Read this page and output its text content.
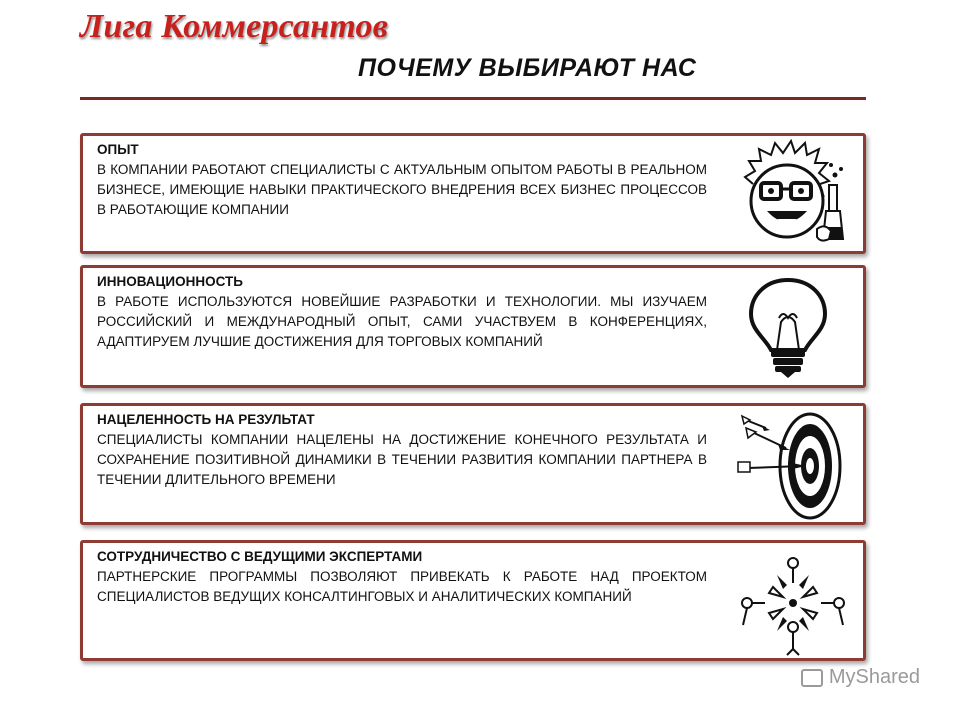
Лига Коммерсантов
ПОЧЕМУ ВЫБИРАЮТ НАС
ОПЫТ
В КОМПАНИИ РАБОТАЮТ СПЕЦИАЛИСТЫ С АКТУАЛЬНЫМ ОПЫТОМ РАБОТЫ В РЕАЛЬНОМ БИЗНЕСЕ, ИМЕЮЩИЕ НАВЫКИ ПРАКТИЧЕСКОГО ВНЕДРЕНИЯ ВСЕХ БИЗНЕС ПРОЦЕССОВ В РАБОТАЮЩИЕ КОМПАНИИ
ИННОВАЦИОННОСТЬ
В РАБОТЕ ИСПОЛЬЗУЮТСЯ НОВЕЙШИЕ РАЗРАБОТКИ И ТЕХНОЛОГИИ. МЫ ИЗУЧАЕМ РОССИЙСКИЙ И МЕЖДУНАРОДНЫЙ ОПЫТ, САМИ УЧАСТВУЕМ В КОНФЕРЕНЦИЯХ, АДАПТИРУЕМ ЛУЧШИЕ ДОСТИЖЕНИЯ ДЛЯ ТОРГОВЫХ КОМПАНИЙ
НАЦЕЛЕННОСТЬ НА РЕЗУЛЬТАТ
СПЕЦИАЛИСТЫ КОМПАНИИ НАЦЕЛЕНЫ НА ДОСТИЖЕНИЕ КОНЕЧНОГО РЕЗУЛЬТАТА И СОХРАНЕНИЕ ПОЗИТИВНОЙ ДИНАМИКИ В ТЕЧЕНИИ РАЗВИТИЯ КОМПАНИИ ПАРТНЕРА В ТЕЧЕНИИ ДЛИТЕЛЬНОГО ВРЕМЕНИ
СОТРУДНИЧЕСТВО С ВЕДУЩИМИ ЭКСПЕРТАМИ
ПАРТНЕРСКИЕ ПРОГРАММЫ ПОЗВОЛЯЮТ ПРИВЕКАТЬ К РАБОТЕ НАД ПРОЕКТОМ СПЕЦИАЛИСТОВ ВЕДУЩИХ КОНСАЛТИНГОВЫХ И АНАЛИТИЧЕСКИХ КОМПАНИЙ
MyShared
